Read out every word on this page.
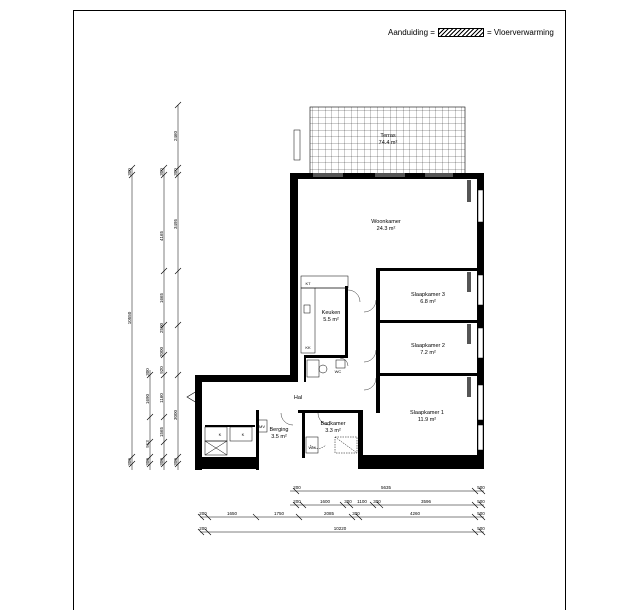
Aanduiding =	= Vloerverwarming
Terras
74.4 m²
Woonkamer
24.3 m²
Keuken
5.5 m²
Slaapkamer 3
6.8 m²
Slaapkamer 2
7.2 m²
Slaapkamer 1
11.9 m²
Hal
Berging
3.5 m²
Badkamer
3.3 m²
WC
KT
KK
K	K
WM
MV
200	5635	500
200	1600	300 1100 300	3596	500
200	1650	1750	2085	300	4260	500
200	10220	500
300
10550
300
300
1690
913
300
300
4165
1665
2500
2000
920
1160
1565
300
2460
300
3495
3000
300
